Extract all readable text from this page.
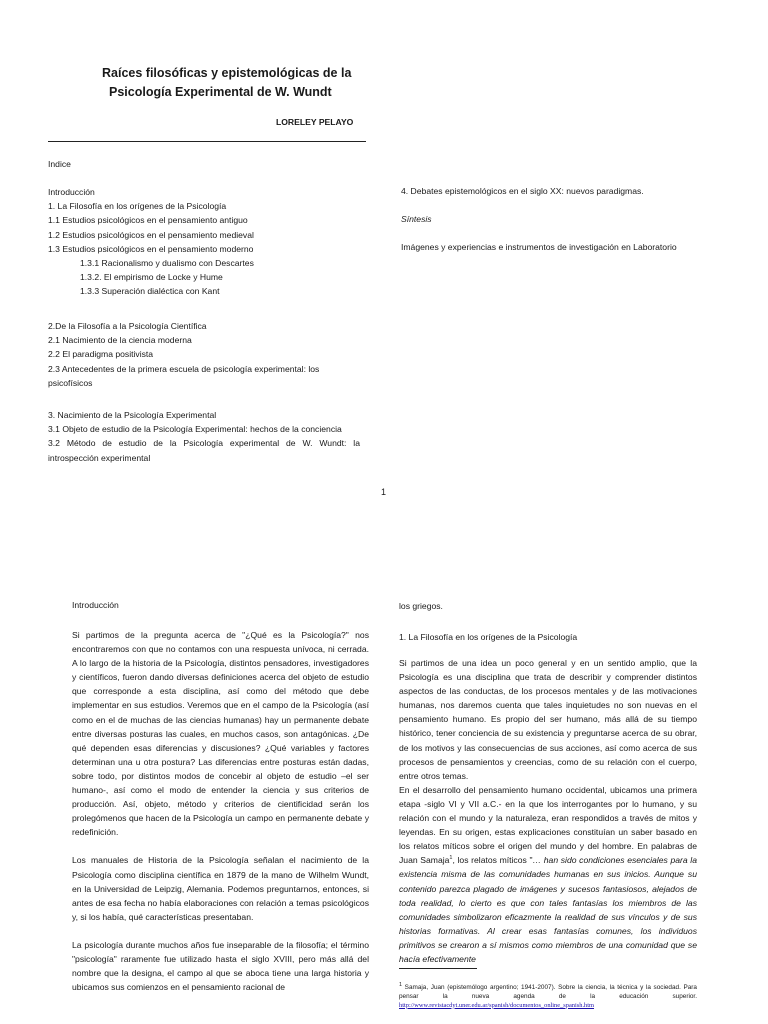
Raíces filosóficas y epistemológicas de la
Psicología Experimental de W. Wundt
LORELEY PELAYO
Indice
Introducción
1. La Filosofía en los orígenes de la Psicología
1.1 Estudios psicológicos en el pensamiento antiguo
1.2 Estudios psicológicos en el pensamiento medieval
1.3 Estudios psicológicos en el pensamiento moderno
1.3.1 Racionalismo y dualismo con Descartes
1.3.2. El empirismo de Locke y Hume
1.3.3 Superación dialéctica con Kant
2.De la Filosofía a la Psicología Científica
2.1 Nacimiento de la ciencia moderna
2.2 El paradigma positivista
2.3 Antecedentes de la primera escuela de psicología experimental: los psicofísicos
3. Nacimiento de la Psicología Experimental
3.1 Objeto de estudio de la Psicología Experimental: hechos de la conciencia
3.2 Método de estudio de la Psicología experimental de W. Wundt: la introspección experimental
4. Debates epistemológicos en el siglo XX: nuevos paradigmas.
Síntesis
Imágenes y experiencias e instrumentos de investigación en Laboratorio
1
Introducción

Si partimos de la pregunta acerca de "¿Qué es la Psicología?" nos encontraremos con que no contamos con una respuesta unívoca, ni cerrada. A lo largo de la historia de la Psicología, distintos pensadores, investigadores y científicos, fueron dando diversas definiciones acerca del objeto de estudio que corresponde a esta disciplina, así como del método que debe implementar en sus estudios. Veremos que en el campo de la Psicología (así como en el de muchas de las ciencias humanas) hay un permanente debate entre diversas posturas las cuales, en muchos casos, son antagónicas. ¿De qué dependen esas diferencias y discusiones? ¿Qué variables y factores determinan una u otra postura? Las diferencias entre posturas están dadas, sobre todo, por distintos modos de concebir al objeto de estudio –el ser humano-, así como el modo de entender la ciencia y sus criterios de producción. Así, objeto, método y criterios de cientificidad serán los prolegómenos que hacen de la Psicología un campo en permanente debate y redefinición.

Los manuales de Historia de la Psicología señalan el nacimiento de la Psicología como disciplina científica en 1879 de la mano de Wilhelm Wundt, en la Universidad de Leipzig, Alemania. Podemos preguntarnos, entonces, si antes de esa fecha no había elaboraciones con relación a temas psicológicos y, si los había, qué características presentaban.

La psicología durante muchos años fue inseparable de la filosofía; el término "psicología" raramente fue utilizado hasta el siglo XVIII, pero más allá del nombre que la designa, el campo al que se aboca tiene una larga historia y ubicamos sus comienzos en el pensamiento racional de

los griegos.
1. La Filosofía en los orígenes de la Psicología

Si partimos de una idea un poco general y en un sentido amplio, que la Psicología es una disciplina que trata de describir y comprender distintos aspectos de las conductas, de los procesos mentales y de las motivaciones humanas, nos daremos cuenta que tales inquietudes no son nuevas en el pensamiento humano. Es propio del ser humano, más allá de su tiempo histórico, tener conciencia de su existencia y preguntarse acerca de su obrar, de los motivos y las consecuencias de sus acciones, así como acerca de sus procesos de pensamientos y creencias, como de su relación con el cuerpo, entre otros temas.

En el desarrollo del pensamiento humano occidental, ubicamos una primera etapa -siglo VI y VII a.C.- en la que los interrogantes por lo humano, y su relación con el mundo y la naturaleza, eran respondidos a través de mitos y leyendas. En su origen, estas explicaciones constituían un saber basado en los relatos míticos sobre el origen del mundo y del hombre. En palabras de Juan Samaja$^1$, los relatos míticos "… han sido condiciones esenciales para la existencia misma de las comunidades humanas en sus inicios. Aunque su contenido parezca plagado de imágenes y sucesos fantasiosos, alejados de toda realidad, lo cierto es que con tales fantasías los miembros de las comunidades simbolizaron eficazmente la realidad de sus vínculos y de sus historias formativas. Al crear esas fantasías comunes, los individuos primitivos se crearon a sí mismos como miembros de una comunidad que se hacía efectivamente

$^1$ Samaja, Juan (epistemólogo argentino; 1941-2007). Sobre la ciencia, la técnica y la sociedad. Para pensar la nueva agenda de la educación superior. http://www.revistacdyt.uner.edu.ar/spanish/documentos_online_spanish.htm
